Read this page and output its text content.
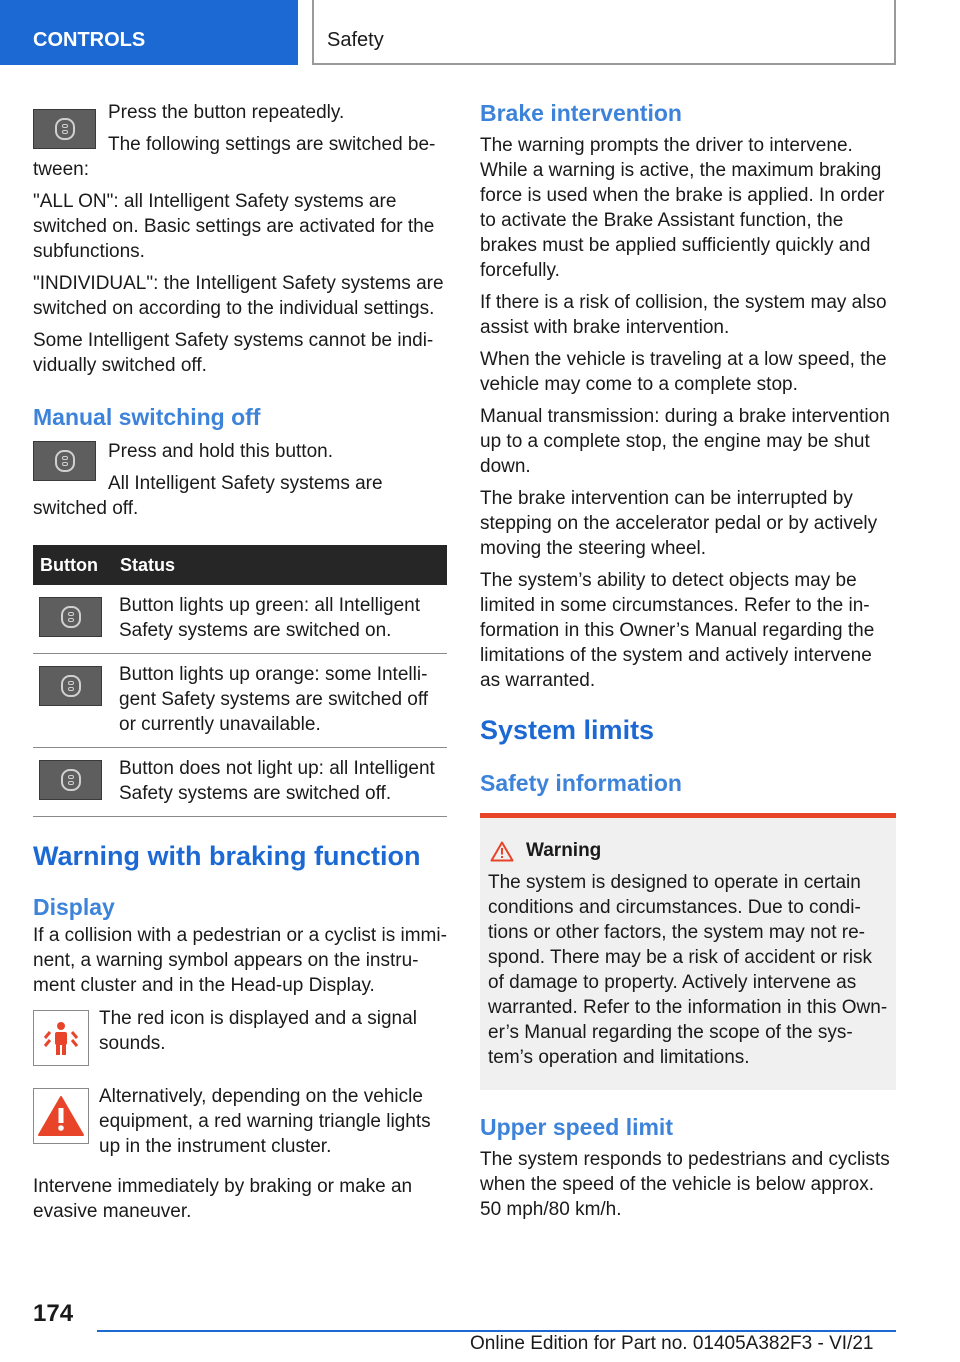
CONTROLS	Safety

Press the button repeatedly.

The following settings are switched be-tween:

"ALL ON": all Intelligent Safety systems are switched on. Basic settings are activated for the subfunctions.

"INDIVIDUAL": the Intelligent Safety systems are switched on according to the individual settings.

Some Intelligent Safety systems cannot be indi-vidually switched off.

Manual switching off

Press and hold this button.

All Intelligent Safety systems are switched off.

Button	Status

	Button lights up green: all Intelligent Safety systems are switched on.

	Button lights up orange: some Intelli-gent Safety systems are switched off or currently unavailable.

	Button does not light up: all Intelligent Safety systems are switched off.
Warning with braking function
Display

If a collision with a pedestrian or a cyclist is immi-nent, a warning symbol appears on the instru-ment cluster and in the Head-up Display.

The red icon is displayed and a signal sounds.

Alternatively, depending on the vehicle equipment, a red warning triangle lights up in the instrument cluster.

Intervene immediately by braking or make an evasive maneuver.

Brake intervention

The warning prompts the driver to intervene. While a warning is active, the maximum braking force is used when the brake is applied. In order to activate the Brake Assistant function, the brakes must be applied sufficiently quickly and forcefully.

If there is a risk of collision, the system may also assist with brake intervention.

When the vehicle is traveling at a low speed, the vehicle may come to a complete stop.

Manual transmission: during a brake intervention up to a complete stop, the engine may be shut down.

The brake intervention can be interrupted by stepping on the accelerator pedal or by actively moving the steering wheel.

The system’s ability to detect objects may be limited in some circumstances. Refer to the in-formation in this Owner’s Manual regarding the limitations of the system and actively intervene as warranted.

System limits
Safety information
Warning

The system is designed to operate in certain conditions and circumstances. Due to condi-tions or other factors, the system may not re-spond. There may be a risk of accident or risk of damage to property. Actively intervene as warranted. Refer to the information in this Own-er’s Manual regarding the scope of the sys-tem’s operation and limitations.

Upper speed limit

The system responds to pedestrians and cyclists when the speed of the vehicle is below approx. 50 mph/80 km/h.

174
Online Edition for Part no. 01405A382F3 - VI/21
